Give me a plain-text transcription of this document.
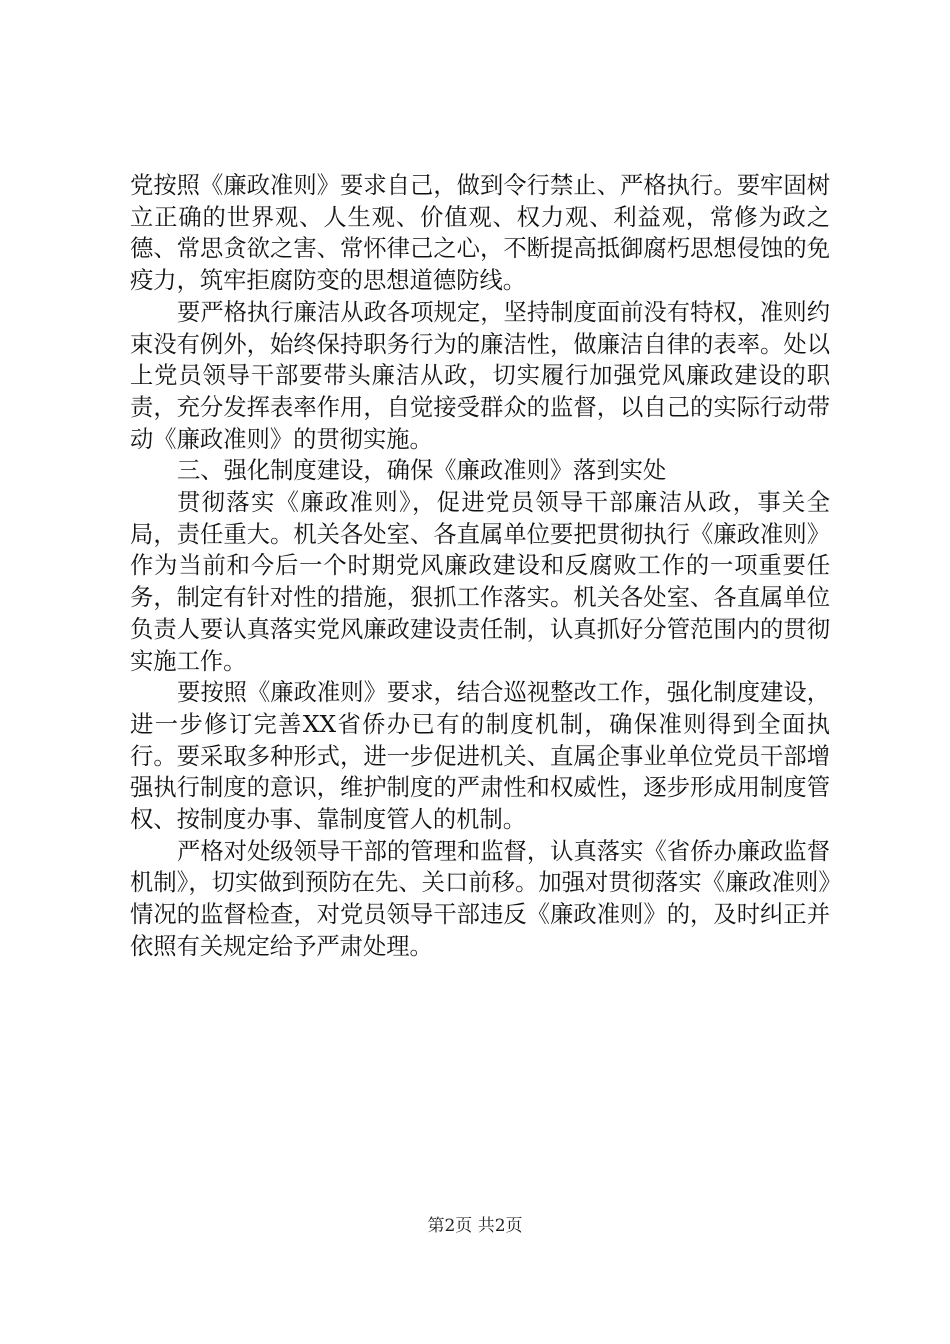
党按照《廉政准则》要求自己，做到令行禁止、严格执行。要牢固树立正确的世界观、人生观、价值观、权力观、利益观，常修为政之德、常思贪欲之害、常怀律己之心，不断提高抵御腐朽思想侵蚀的免疫力，筑牢拒腐防变的思想道德防线。

要严格执行廉洁从政各项规定，坚持制度面前没有特权，准则约束没有例外，始终保持职务行为的廉洁性，做廉洁自律的表率。处以上党员领导干部要带头廉洁从政，切实履行加强党风廉政建设的职责，充分发挥表率作用，自觉接受群众的监督，以自己的实际行动带动《廉政准则》的贯彻实施。

三、强化制度建设，确保《廉政准则》落到实处

贯彻落实《廉政准则》，促进党员领导干部廉洁从政，事关全局，责任重大。机关各处室、各直属单位要把贯彻执行《廉政准则》作为当前和今后一个时期党风廉政建设和反腐败工作的一项重要任务，制定有针对性的措施，狠抓工作落实。机关各处室、各直属单位负责人要认真落实党风廉政建设责任制，认真抓好分管范围内的贯彻实施工作。

要按照《廉政准则》要求，结合巡视整改工作，强化制度建设，进一步修订完善XX省侨办已有的制度机制，确保准则得到全面执行。要采取多种形式，进一步促进机关、直属企事业单位党员干部增强执行制度的意识，维护制度的严肃性和权威性，逐步形成用制度管权、按制度办事、靠制度管人的机制。

严格对处级领导干部的管理和监督，认真落实《省侨办廉政监督机制》，切实做到预防在先、关口前移。加强对贯彻落实《廉政准则》情况的监督检查，对党员领导干部违反《廉政准则》的，及时纠正并依照有关规定给予严肃处理。

第2页 共2页
